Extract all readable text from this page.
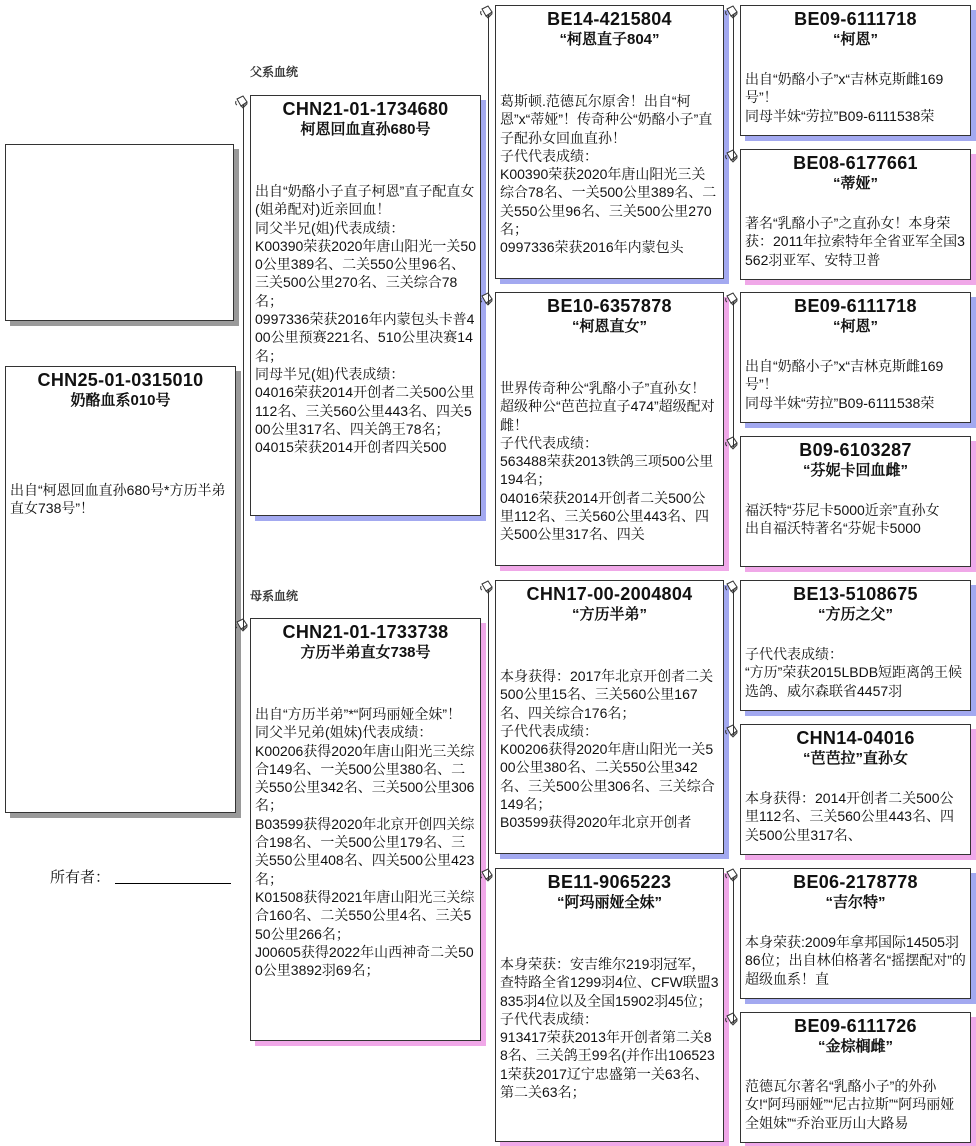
CHN25-01-0315010
奶酪血系010号
出自“柯恩回血直孙680号*方历半弟直女738号”！
所有者：
父系血统
母系血统
CHN21-01-1734680
柯恩回血直孙680号
出自“奶酪小子直子柯恩”直子配直女(姐弟配对)近亲回血！
同父半兄(姐)代表成绩：
K00390荣获2020年唐山阳光一关500公里389名、二关550公里96名、三关500公里270名、三关综合78名；
0997336荣获2016年内蒙包头卡普400公里预赛221名、510公里决赛14名；
同母半兄(姐)代表成绩：
04016荣获2014开创者二关500公里112名、三关560公里443名、四关500公里317名、四关鸽王78名；
04015荣获2014开创者四关500
CHN21-01-1733738
方历半弟直女738号
出自“方历半弟”*“阿玛丽娅全妹”！
同父半兄弟(姐妹)代表成绩：
K00206获得2020年唐山阳光三关综合149名、一关500公里380名、二关550公里342名、三关500公里306名；
B03599获得2020年北京开创四关综合198名、一关500公里179名、三关550公里408名、四关500公里423名；
K01508获得2021年唐山阳光三关综合160名、二关550公里4名、三关550公里266名；
J00605获得2022年山西神奇二关500公里3892羽69名；
BE14-4215804
“柯恩直子804”
葛斯顿.范德瓦尔原舍！出自“柯恩”x“蒂娅”！传奇种公“奶酪小子”直子配孙女回血直孙！
子代代表成绩：
K00390荣获2020年唐山阳光三关综合78名、一关500公里389名、二关550公里96名、三关500公里270名；
0997336荣获2016年内蒙包头
BE10-6357878
“柯恩直女”
世界传奇种公“乳酪小子”直孙女！超级种公“芭芭拉直子474”超级配对雌！
子代代表成绩：
563488荣获2013铁鸽三项500公里194名；
04016荣获2014开创者二关500公里112名、三关560公里443名、四关500公里317名、四关
CHN17-00-2004804
“方历半弟”
本身获得：2017年北京开创者二关500公里15名、三关560公里167名、四关综合176名；
子代代表成绩：
K00206获得2020年唐山阳光一关500公里380名、二关550公里342名、三关500公里306名、三关综合149名；
B03599获得2020年北京开创者
BE11-9065223
“阿玛丽娅全妹”
本身荣获：安吉维尔219羽冠军，查特路全省1299羽4位、CFW联盟3835羽4位以及全国15902羽45位；
子代代表成绩：
913417荣获2013年开创者第二关88名、三关鸽王99名(并作出1065231荣获2017辽宁忠盛第一关63名、第二关63名；
BE09-6111718
“柯恩”
出自“奶酪小子”x“吉林克斯雌169号”！
同母半妹“劳拉”B09-6111538荣
BE08-6177661
“蒂娅”
著名“乳酪小子”之直孙女！本身荣获：2011年拉索特年全省亚军全国3562羽亚军、安特卫普
BE09-6111718
“柯恩”
出自“奶酪小子”x“吉林克斯雌169号”！
同母半妹“劳拉”B09-6111538荣
B09-6103287
“芬妮卡回血雌”
福沃特“芬尼卡5000近亲”直孙女
出自福沃特著名“芬妮卡5000
BE13-5108675
“方历之父”
子代代表成绩：
“方历”荣获2015LBDB短距离鸽王候选鸽、威尔森联省4457羽
CHN14-04016
“芭芭拉”直孙女
本身获得：2014开创者二关500公里112名、三关560公里443名、四关500公里317名、
BE06-2178778
“吉尔特”
本身荣获:2009年拿邦国际14505羽86位；出自林伯格著名“摇摆配对”的超级血系！直
BE09-6111726
“金棕榈雌”
范德瓦尔著名“乳酪小子”的外孙女!“阿玛丽娅”“尼古拉斯”“阿玛丽娅全姐妹”“乔治亚历山大路易
